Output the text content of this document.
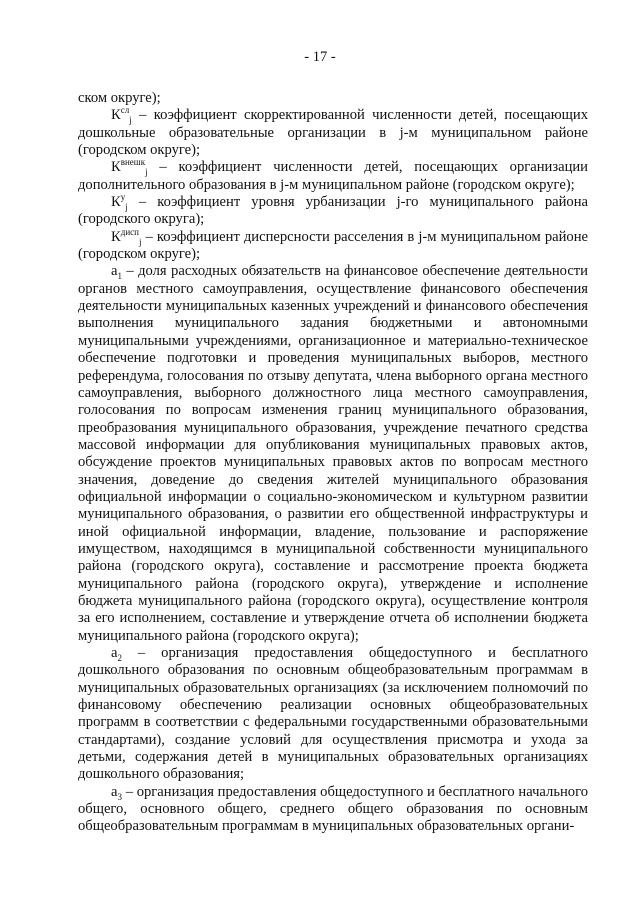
- 17 -

ском округе);

$К^{сл}_j$ – коэффициент скорректированной численности детей, посещающих дошкольные образовательные организации в j-м муниципальном районе (городском округе);

$К^{внешк}_j$ – коэффициент численности детей, посещающих организации дополнительного образования в j-м муниципальном районе (городском округе);

$К^у_j$ – коэффициент уровня урбанизации j-го муниципального района (городского округа);

$К^{дисп}_j$ – коэффициент дисперсности расселения в j-м муниципальном районе (городском округе);

$a_1$ – доля расходных обязательств на финансовое обеспечение деятельности органов местного самоуправления, осуществление финансового обеспечения деятельности муниципальных казенных учреждений и финансового обеспечения выполнения муниципального задания бюджетными и автономными муниципальными учреждениями, организационное и материально-техническое обеспечение подготовки и проведения муниципальных выборов, местного референдума, голосования по отзыву депутата, члена выборного органа местного самоуправления, выборного должностного лица местного самоуправления, голосования по вопросам изменения границ муниципального образования, преобразования муниципального образования, учреждение печатного средства массовой информации для опубликования муниципальных правовых актов, обсуждение проектов муниципальных правовых актов по вопросам местного значения, доведение до сведения жителей муниципального образования официальной информации о социально-экономическом и культурном развитии муниципального образования, о развитии его общественной инфраструктуры и иной официальной информации, владение, пользование и распоряжение имуществом, находящимся в муниципальной собственности муниципального района (городского округа), составление и рассмотрение проекта бюджета муниципального района (городского округа), утверждение и исполнение бюджета муниципального района (городского округа), осуществление контроля за его исполнением, составление и утверждение отчета об исполнении бюджета муниципального района (городского округа);

$a_2$ – организация предоставления общедоступного и бесплатного дошкольного образования по основным общеобразовательным программам в муниципальных образовательных организациях (за исключением полномочий по финансовому обеспечению реализации основных общеобразовательных программ в соответствии с федеральными государственными образовательными стандартами), создание условий для осуществления присмотра и ухода за детьми, содержания детей в муниципальных образовательных организациях дошкольного образования;

$a_3$ – организация предоставления общедоступного и бесплатного начального общего, основного общего, среднего общего образования по основным общеобразовательным программам в муниципальных образовательных органи-
